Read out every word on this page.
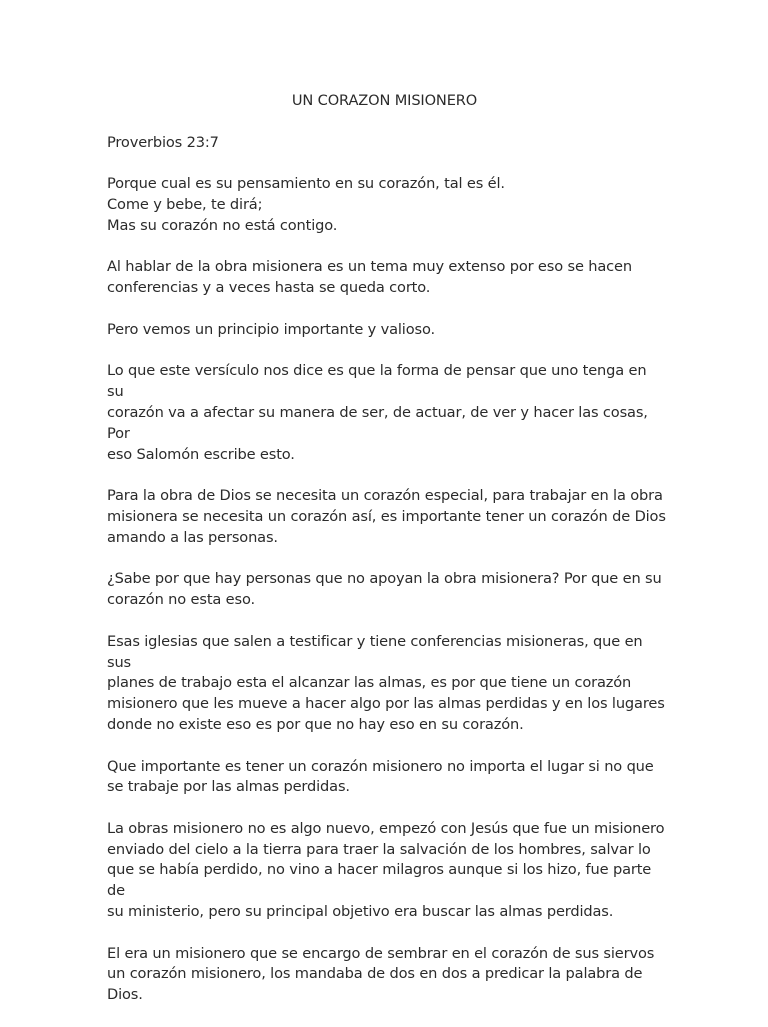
UN CORAZON MISIONERO
Proverbios 23:7
Porque cual es su pensamiento en su corazón, tal es él.
Come y bebe, te dirá;
Mas su corazón no está contigo.
Al hablar de la obra misionera es un tema muy extenso por eso se hacen
conferencias y a veces hasta se queda corto.
Pero vemos un principio importante y valioso.
Lo que este versículo nos dice es que la forma de pensar que uno tenga en su
corazón va a afectar su manera de ser, de actuar, de ver y hacer las cosas, Por
eso Salomón escribe esto.
Para la obra de Dios se necesita un corazón especial, para trabajar en la obra
misionera se necesita un corazón así, es importante tener un corazón de Dios
amando a las personas.
¿Sabe por que hay personas que no apoyan la obra misionera? Por que en su
corazón no esta eso.
Esas iglesias que salen a testificar y tiene conferencias misioneras, que en sus
planes de trabajo esta el alcanzar las almas, es por que tiene un corazón
misionero que les mueve a hacer algo por las almas perdidas y en los lugares
donde no existe eso es por que no hay eso en su corazón.
Que importante es tener un corazón misionero no importa el lugar si no que
se trabaje por las almas perdidas.
La obras misionero no es algo nuevo, empezó con Jesús que fue un misionero
enviado del cielo a la tierra para traer la salvación de los hombres, salvar lo
que se había perdido, no vino a hacer milagros aunque si los hizo, fue parte de
su ministerio, pero su principal objetivo era buscar las almas perdidas.
El era un misionero que se encargo de sembrar en el corazón de sus siervos
un corazón misionero, los mandaba de dos en dos a predicar la palabra de
Dios.
